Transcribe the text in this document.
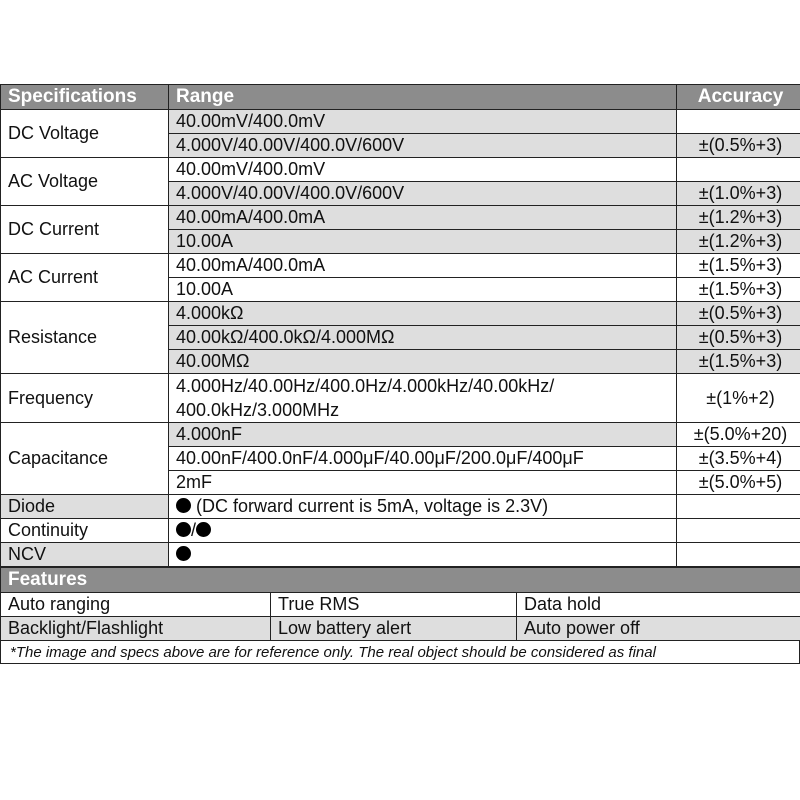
Specifications	Range	Accuracy
DC Voltage	40.00mV/400.0mV	
	4.000V/40.00V/400.0V/600V	±(0.5%+3)
AC Voltage	40.00mV/400.0mV	
	4.000V/40.00V/400.0V/600V	±(1.0%+3)
DC Current	40.00mA/400.0mA	±(1.2%+3)
	10.00A	±(1.2%+3)
AC Current	40.00mA/400.0mA	±(1.5%+3)
	10.00A	±(1.5%+3)
Resistance	4.000kΩ	±(0.5%+3)
	40.00kΩ/400.0kΩ/4.000MΩ	±(0.5%+3)
	40.00MΩ	±(1.5%+3)
Frequency	4.000Hz/40.00Hz/400.0Hz/4.000kHz/40.00kHz/
400.0kHz/3.000MHz	±(1%+2)
Capacitance	4.000nF	±(5.0%+20)
	40.00nF/400.0nF/4.000μF/40.00μF/200.0μF/400μF	±(3.5%+4)
	2mF	±(5.0%+5)
Diode	(DC forward current is 5mA, voltage is 2.3V)	
Continuity	/	
NCV		
Features		
Auto ranging	True RMS	Data hold
Backlight/Flashlight	Low battery alert	Auto power off
*The image and specs above are for reference only. The real object should be considered as final
